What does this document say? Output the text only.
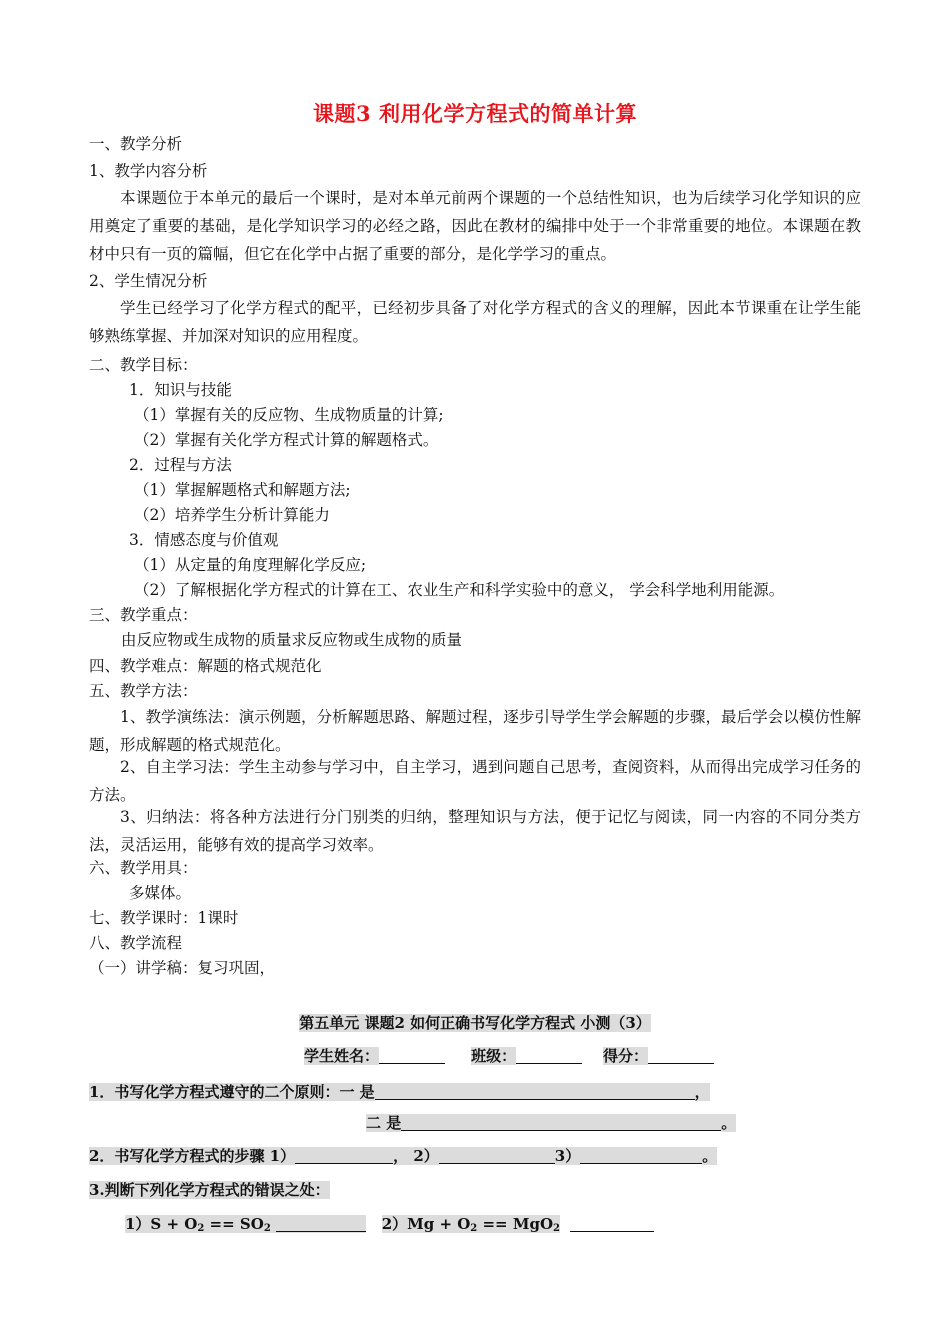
课题3 利用化学方程式的简单计算
一、教学分析
1、教学内容分析
本课题位于本单元的最后一个课时，是对本单元前两个课题的一个总结性知识，也为后续学习化学知识的应用奠定了重要的基础，是化学知识学习的必经之路，因此在教材的编排中处于一个非常重要的地位。本课题在教材中只有一页的篇幅，但它在化学中占据了重要的部分，是化学学习的重点。
2、学生情况分析
学生已经学习了化学方程式的配平，已经初步具备了对化学方程式的含义的理解，因此本节课重在让学生能够熟练掌握、并加深对知识的应用程度。
二、教学目标：
1．知识与技能
（1）掌握有关的反应物、生成物质量的计算;
（2）掌握有关化学方程式计算的解题格式。
2．过程与方法
（1）掌握解题格式和解题方法;
（2）培养学生分析计算能力
3．情感态度与价值观
（1）从定量的角度理解化学反应;
（2）了解根据化学方程式的计算在工、农业生产和科学实验中的意义， 学会科学地利用能源。
三、教学重点：
由反应物或生成物的质量求反应物或生成物的质量
四、教学难点：解题的格式规范化
五、教学方法：
1、教学演练法：演示例题，分析解题思路、解题过程，逐步引导学生学会解题的步骤，最后学会以模仿性解题，形成解题的格式规范化。
2、自主学习法：学生主动参与学习中，自主学习，遇到问题自己思考，查阅资料，从而得出完成学习任务的方法。
3、归纳法：将各种方法进行分门别类的归纳，整理知识与方法，便于记忆与阅读，同一内容的不同分类方法，灵活运用，能够有效的提高学习效率。
六、教学用具：
多媒体。
七、教学课时：1课时
八、教学流程
（一）讲学稿：复习巩固，
第五单元 课题2 如何正确书写化学方程式 小测（3）
学生姓名：	班级：	得分：
1．书写化学方程式遵守的二个原则：一 是	，
二 是	。
2．书写化学方程式的步骤 1）	， 2）	3）	。
3.判断下列化学方程式的错误之处：
$1)S + O_2 == SO_2$	$2)Mg + O_2 == MgO_2$
